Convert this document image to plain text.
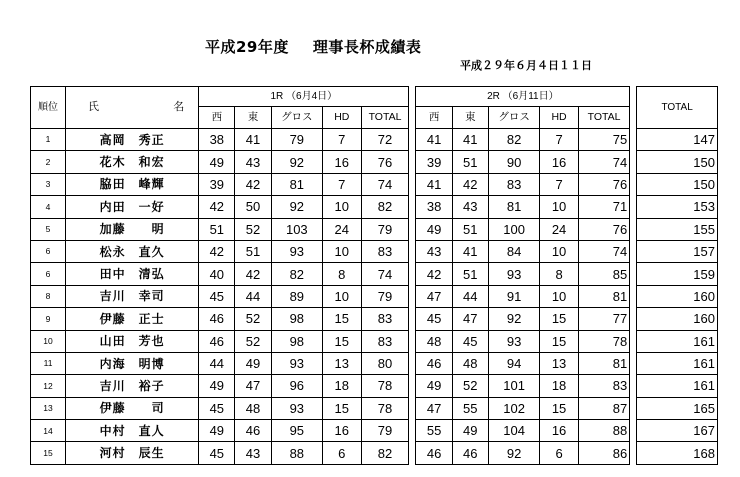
平成29年度 理事長杯成績表
平成２９年６月４日１１日
順位	氏 名	1R （6月4日）						2R （6月11日）						TOTAL
		西	東	グロス	HD	TOTAL		西	東	グロス	HD	TOTAL		
1	高岡　秀正	38	41	79	7	72		41	41	82	7	75		147
2	花木　和宏	49	43	92	16	76		39	51	90	16	74		150
3	脇田　峰輝	39	42	81	7	74		41	42	83	7	76		150
4	内田　一好	42	50	92	10	82		38	43	81	10	71		153
5	加藤　　明	51	52	103	24	79		49	51	100	24	76		155
6	松永　直久	42	51	93	10	83		43	41	84	10	74		157
6	田中　清弘	40	42	82	8	74		42	51	93	8	85		159
8	吉川　幸司	45	44	89	10	79		47	44	91	10	81		160
9	伊藤　正士	46	52	98	15	83		45	47	92	15	77		160
10	山田　芳也	46	52	98	15	83		48	45	93	15	78		161
11	内海　明博	44	49	93	13	80		46	48	94	13	81		161
12	吉川　裕子	49	47	96	18	78		49	52	101	18	83		161
13	伊藤　　司	45	48	93	15	78		47	55	102	15	87		165
14	中村　直人	49	46	95	16	79		55	49	104	16	88		167
15	河村　辰生	45	43	88	6	82		46	46	92	6	86		168
